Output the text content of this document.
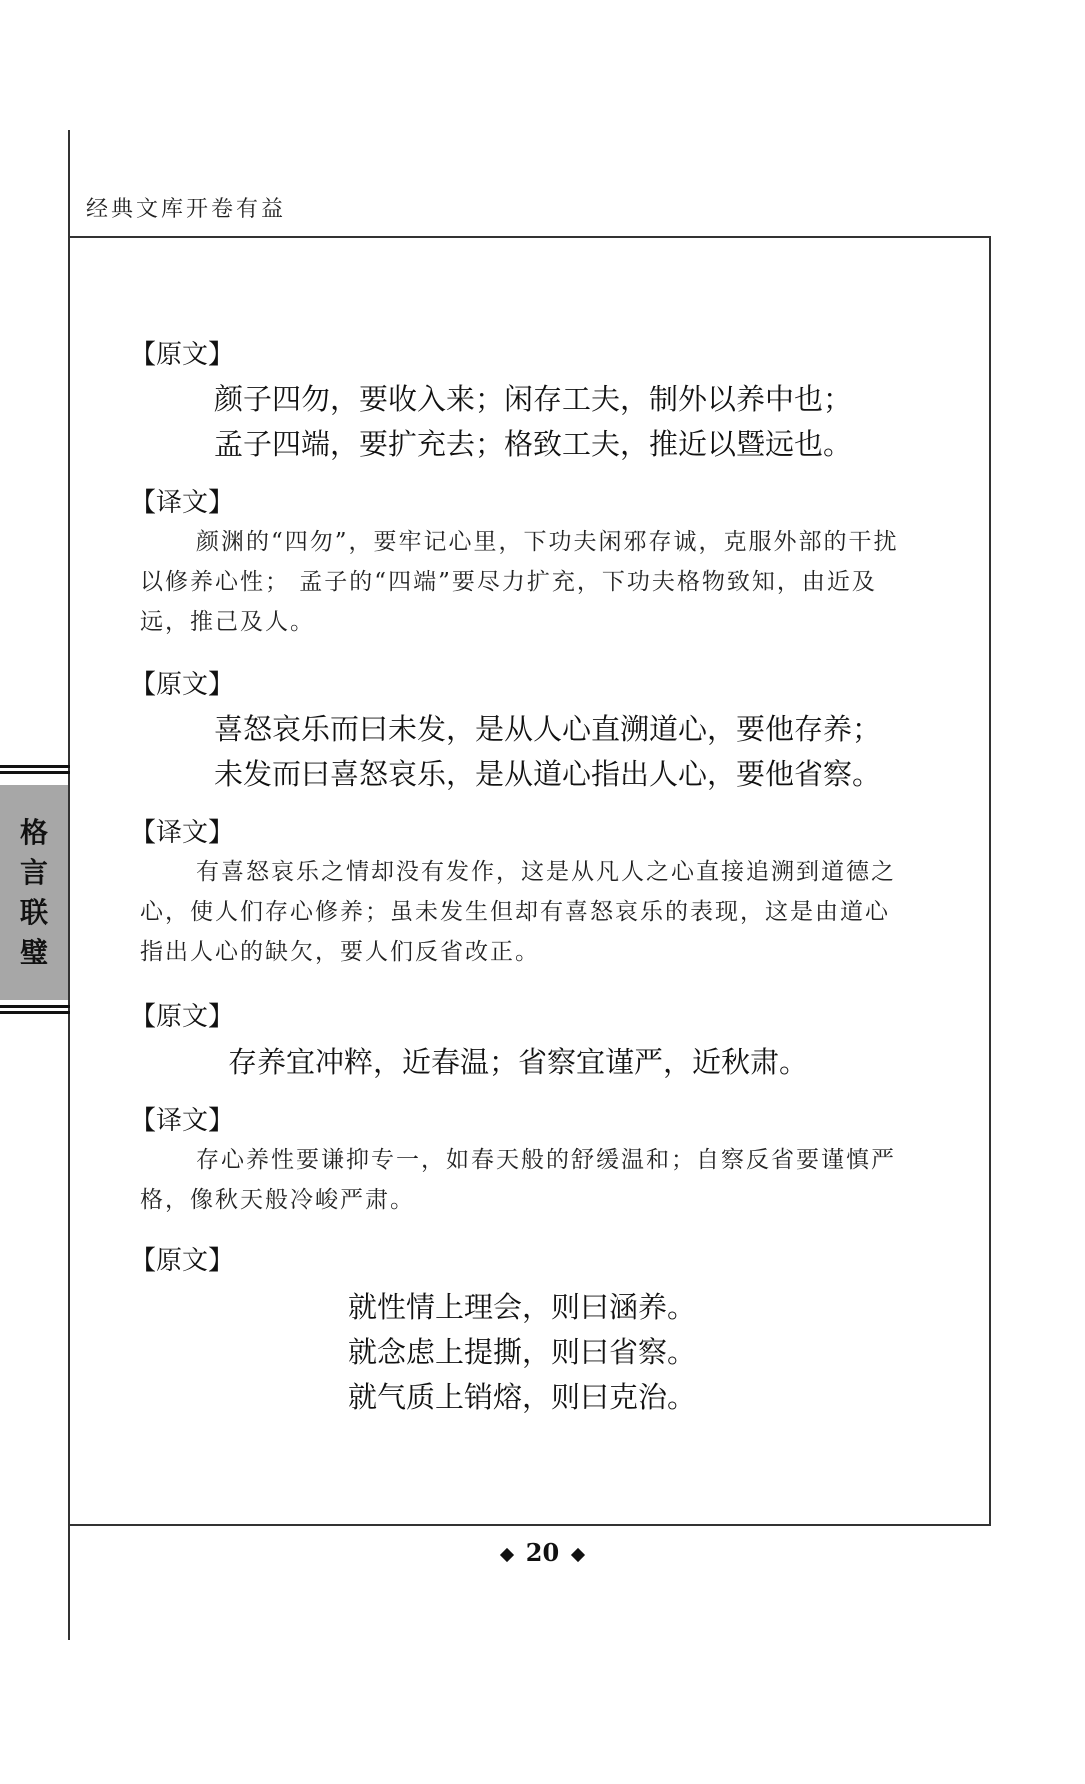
经典文库开卷有益
格
言
联
璧
【原文】
颜子四勿，要收入来；闲存工夫，制外以养中也；
孟子四端，要扩充去；格致工夫，推近以暨远也。
【译文】
颜渊的“四勿”，要牢记心里，下功夫闲邪存诚，克服外部的干扰以修养心性； 孟子的“四端”要尽力扩充，下功夫格物致知，由近及远，推己及人。
【原文】
喜怒哀乐而曰未发，是从人心直溯道心，要他存养；
未发而曰喜怒哀乐，是从道心指出人心，要他省察。
【译文】
有喜怒哀乐之情却没有发作，这是从凡人之心直接追溯到道德之心，使人们存心修养；虽未发生但却有喜怒哀乐的表现，这是由道心指出人心的缺欠，要人们反省改正。
【原文】
存养宜冲粹，近春温；省察宜谨严，近秋肃。
【译文】
存心养性要谦抑专一，如春天般的舒缓温和；自察反省要谨慎严格，像秋天般冷峻严肃。
【原文】
就性情上理会，则曰涵养。
就念虑上提撕，则曰省察。
就气质上销熔，则曰克治。
20
